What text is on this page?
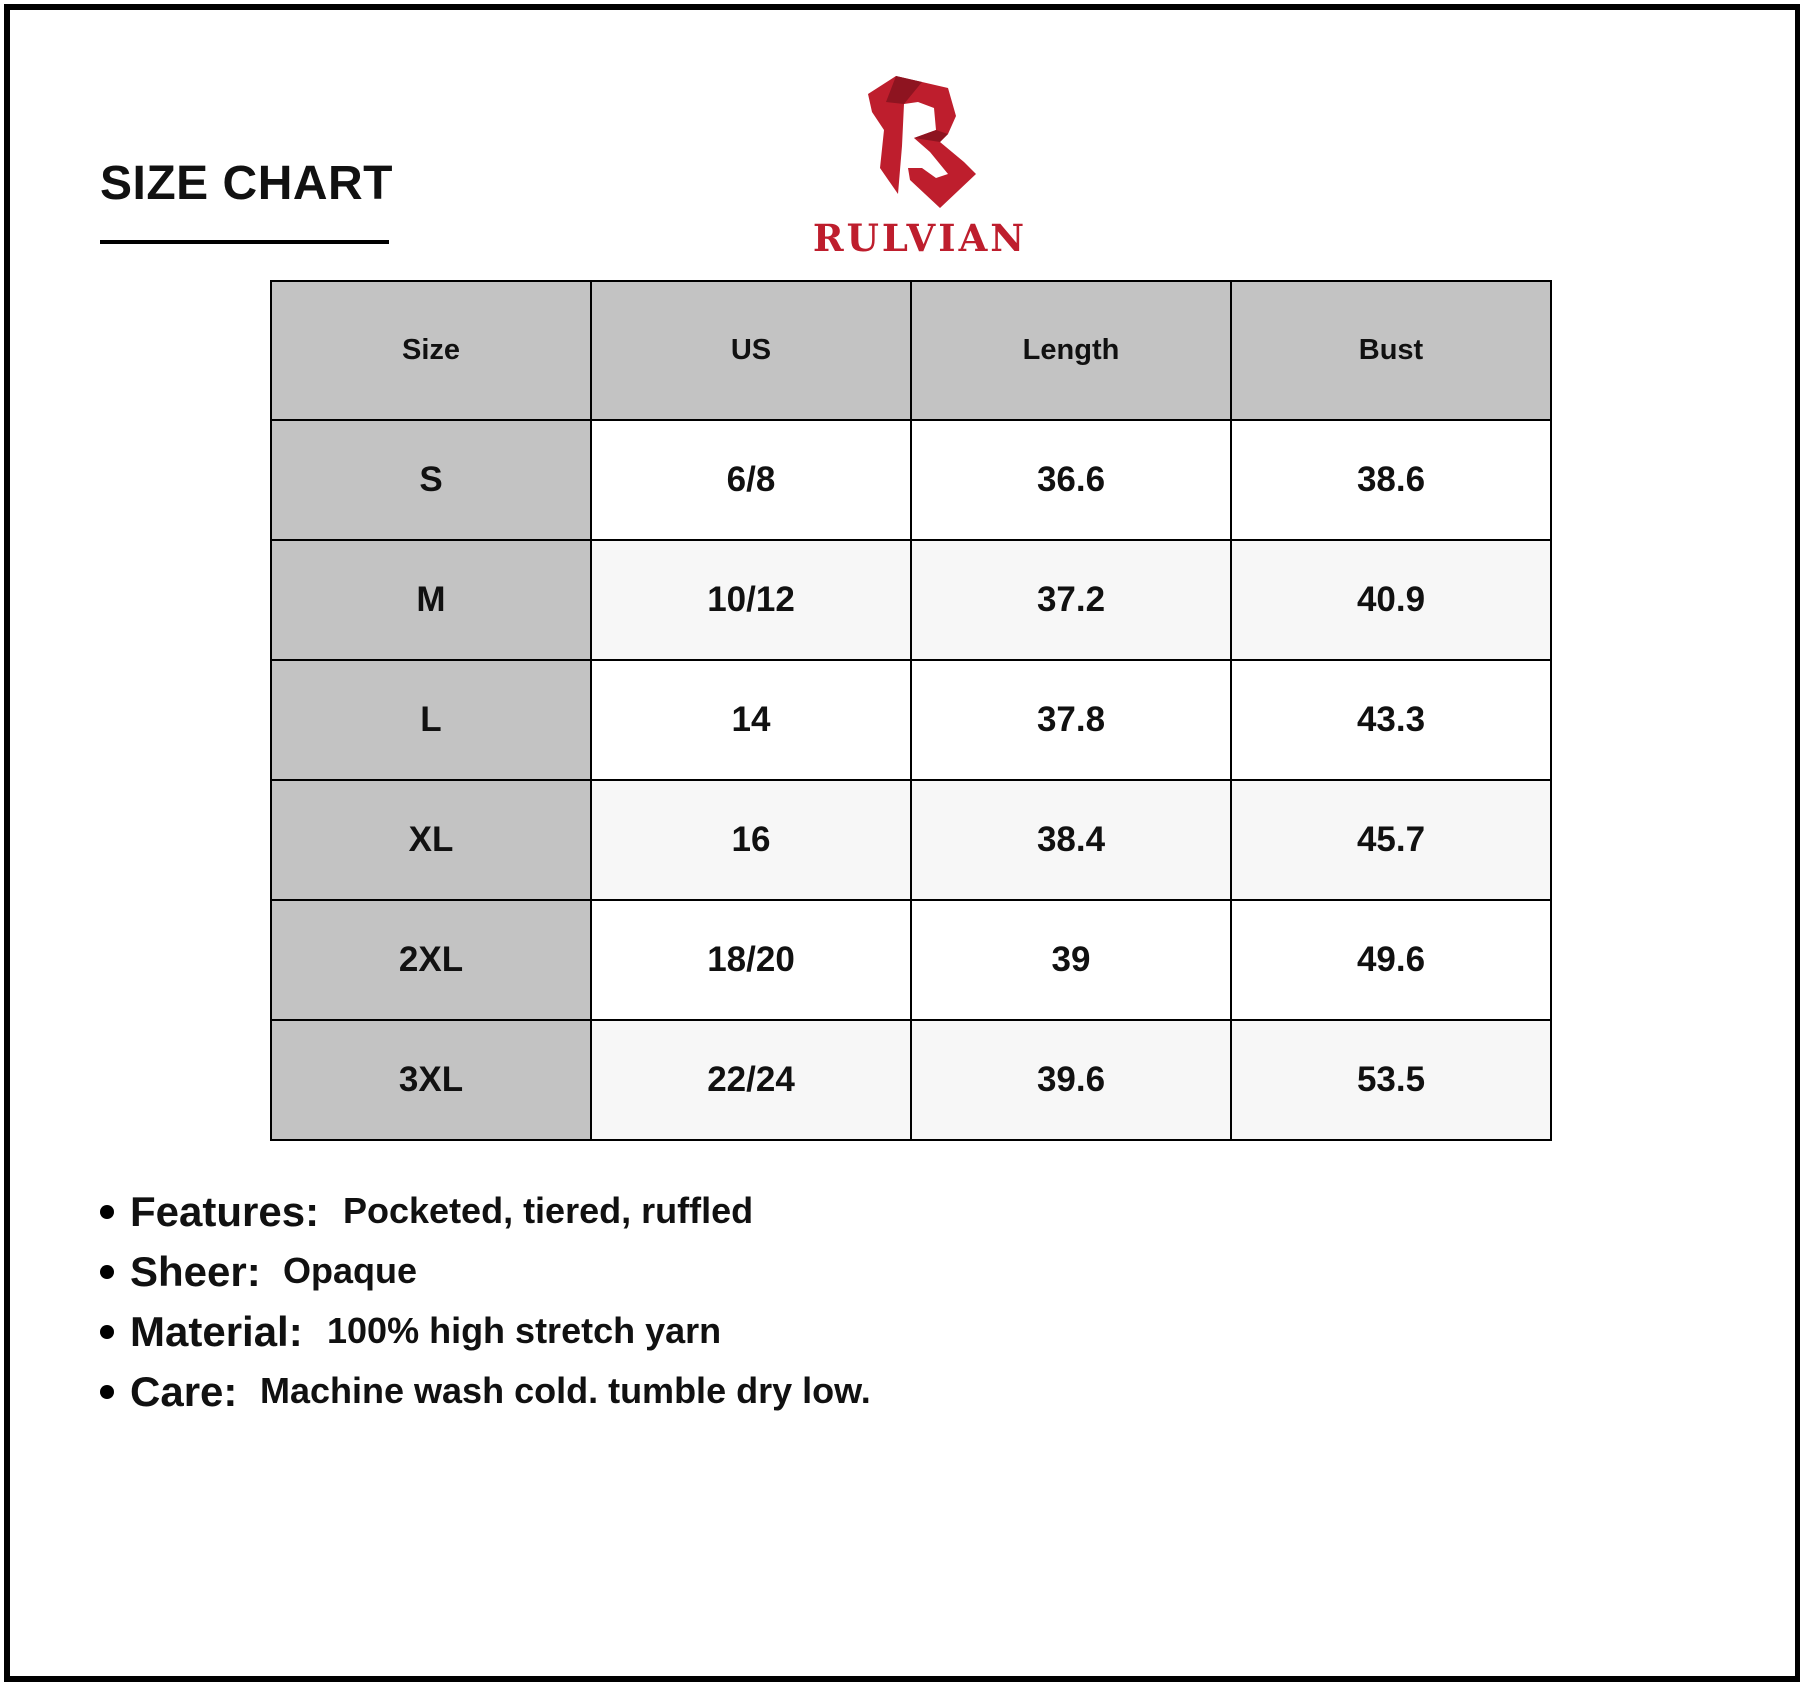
SIZE CHART
RULVIAN
Size	US	Length	Bust
S	6/8	36.6	38.6
M	10/12	37.2	40.9
L	14	37.8	43.3
XL	16	38.4	45.7
2XL	18/20	39	49.6
3XL	22/24	39.6	53.5
Features: Pocketed, tiered, ruffled
Sheer: Opaque
Material: 100% high stretch yarn
Care: Machine wash cold. tumble dry low.
